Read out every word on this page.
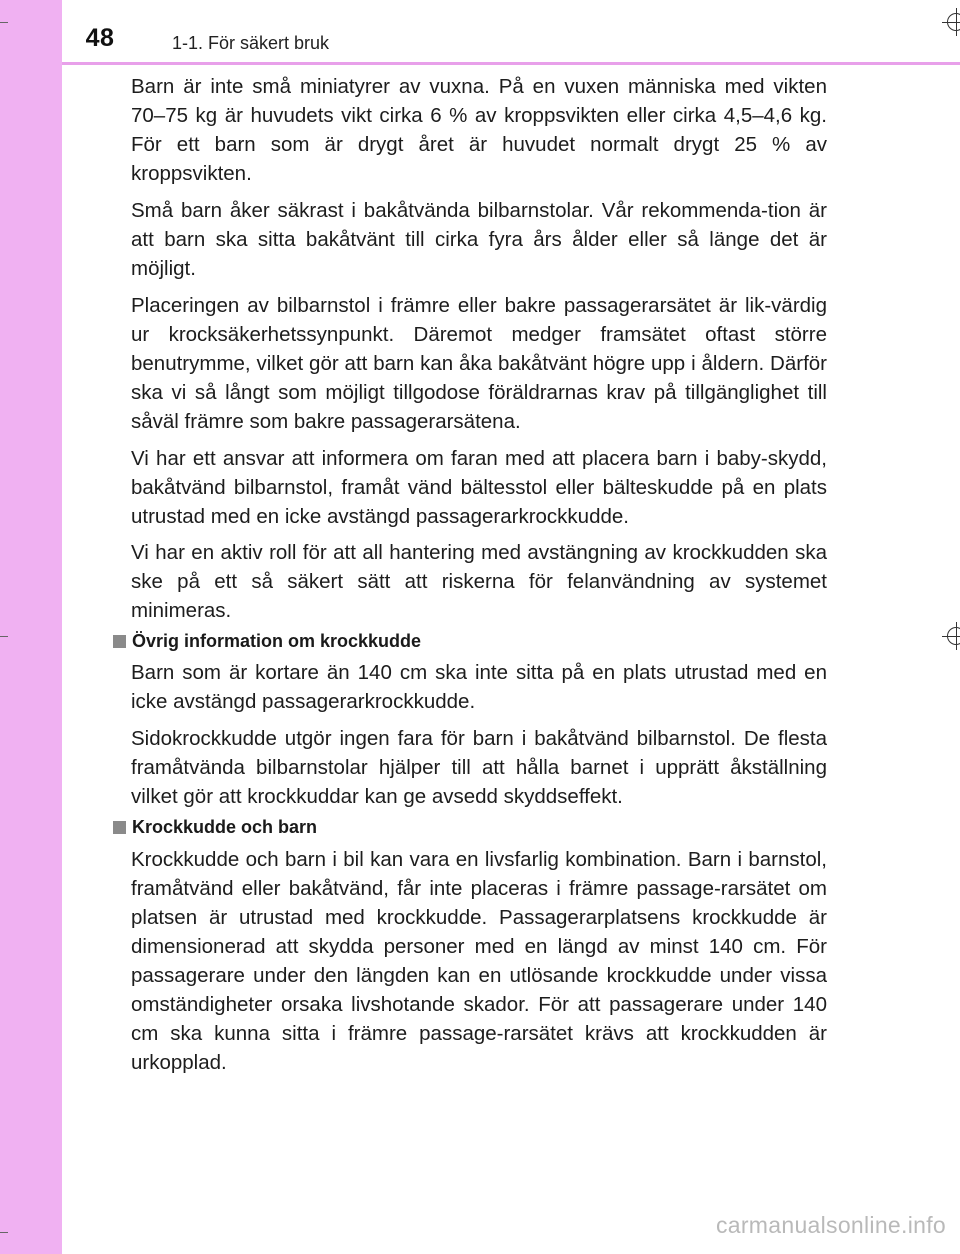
48	1-1. För säkert bruk
Barn är inte små miniatyrer av vuxna. På en vuxen människa med vikten 70–75 kg är huvudets vikt cirka 6 % av kroppsvikten eller cirka 4,5–4,6 kg. För ett barn som är drygt året är huvudet normalt drygt 25 % av kroppsvikten.
Små barn åker säkrast i bakåtvända bilbarnstolar. Vår rekommenda-tion är att barn ska sitta bakåtvänt till cirka fyra års ålder eller så länge det är möjligt.
Placeringen av bilbarnstol i främre eller bakre passagerarsätet är lik-värdig ur krocksäkerhetssynpunkt. Däremot medger framsätet oftast större benutrymme, vilket gör att barn kan åka bakåtvänt högre upp i åldern. Därför ska vi så långt som möjligt tillgodose föräldrarnas krav på tillgänglighet till såväl främre som bakre passagerarsätena.
Vi har ett ansvar att informera om faran med att placera barn i baby-skydd, bakåtvänd bilbarnstol, framåt vänd bältesstol eller bälteskudde på en plats utrustad med en icke avstängd passagerarkrockkudde.
Vi har en aktiv roll för att all hantering med avstängning av krockkudden ska ske på ett så säkert sätt att riskerna för felanvändning av systemet minimeras.
Övrig information om krockkudde
Barn som är kortare än 140 cm ska inte sitta på en plats utrustad med en icke avstängd passagerarkrockkudde.
Sidokrockkudde utgör ingen fara för barn i bakåtvänd bilbarnstol. De flesta framåtvända bilbarnstolar hjälper till att hålla barnet i upprätt åkställning vilket gör att krockkuddar kan ge avsedd skyddseffekt.
Krockkudde och barn
Krockkudde och barn i bil kan vara en livsfarlig kombination. Barn i barnstol, framåtvänd eller bakåtvänd, får inte placeras i främre passage-rarsätet om platsen är utrustad med krockkudde. Passagerarplatsens krockkudde är dimensionerad att skydda personer med en längd av minst 140 cm. För passagerare under den längden kan en utlösande krockkudde under vissa omständigheter orsaka livshotande skador. För att passagerare under 140 cm ska kunna sitta i främre passage-rarsätet krävs att krockkudden är urkopplad.
carmanualsonline.info
